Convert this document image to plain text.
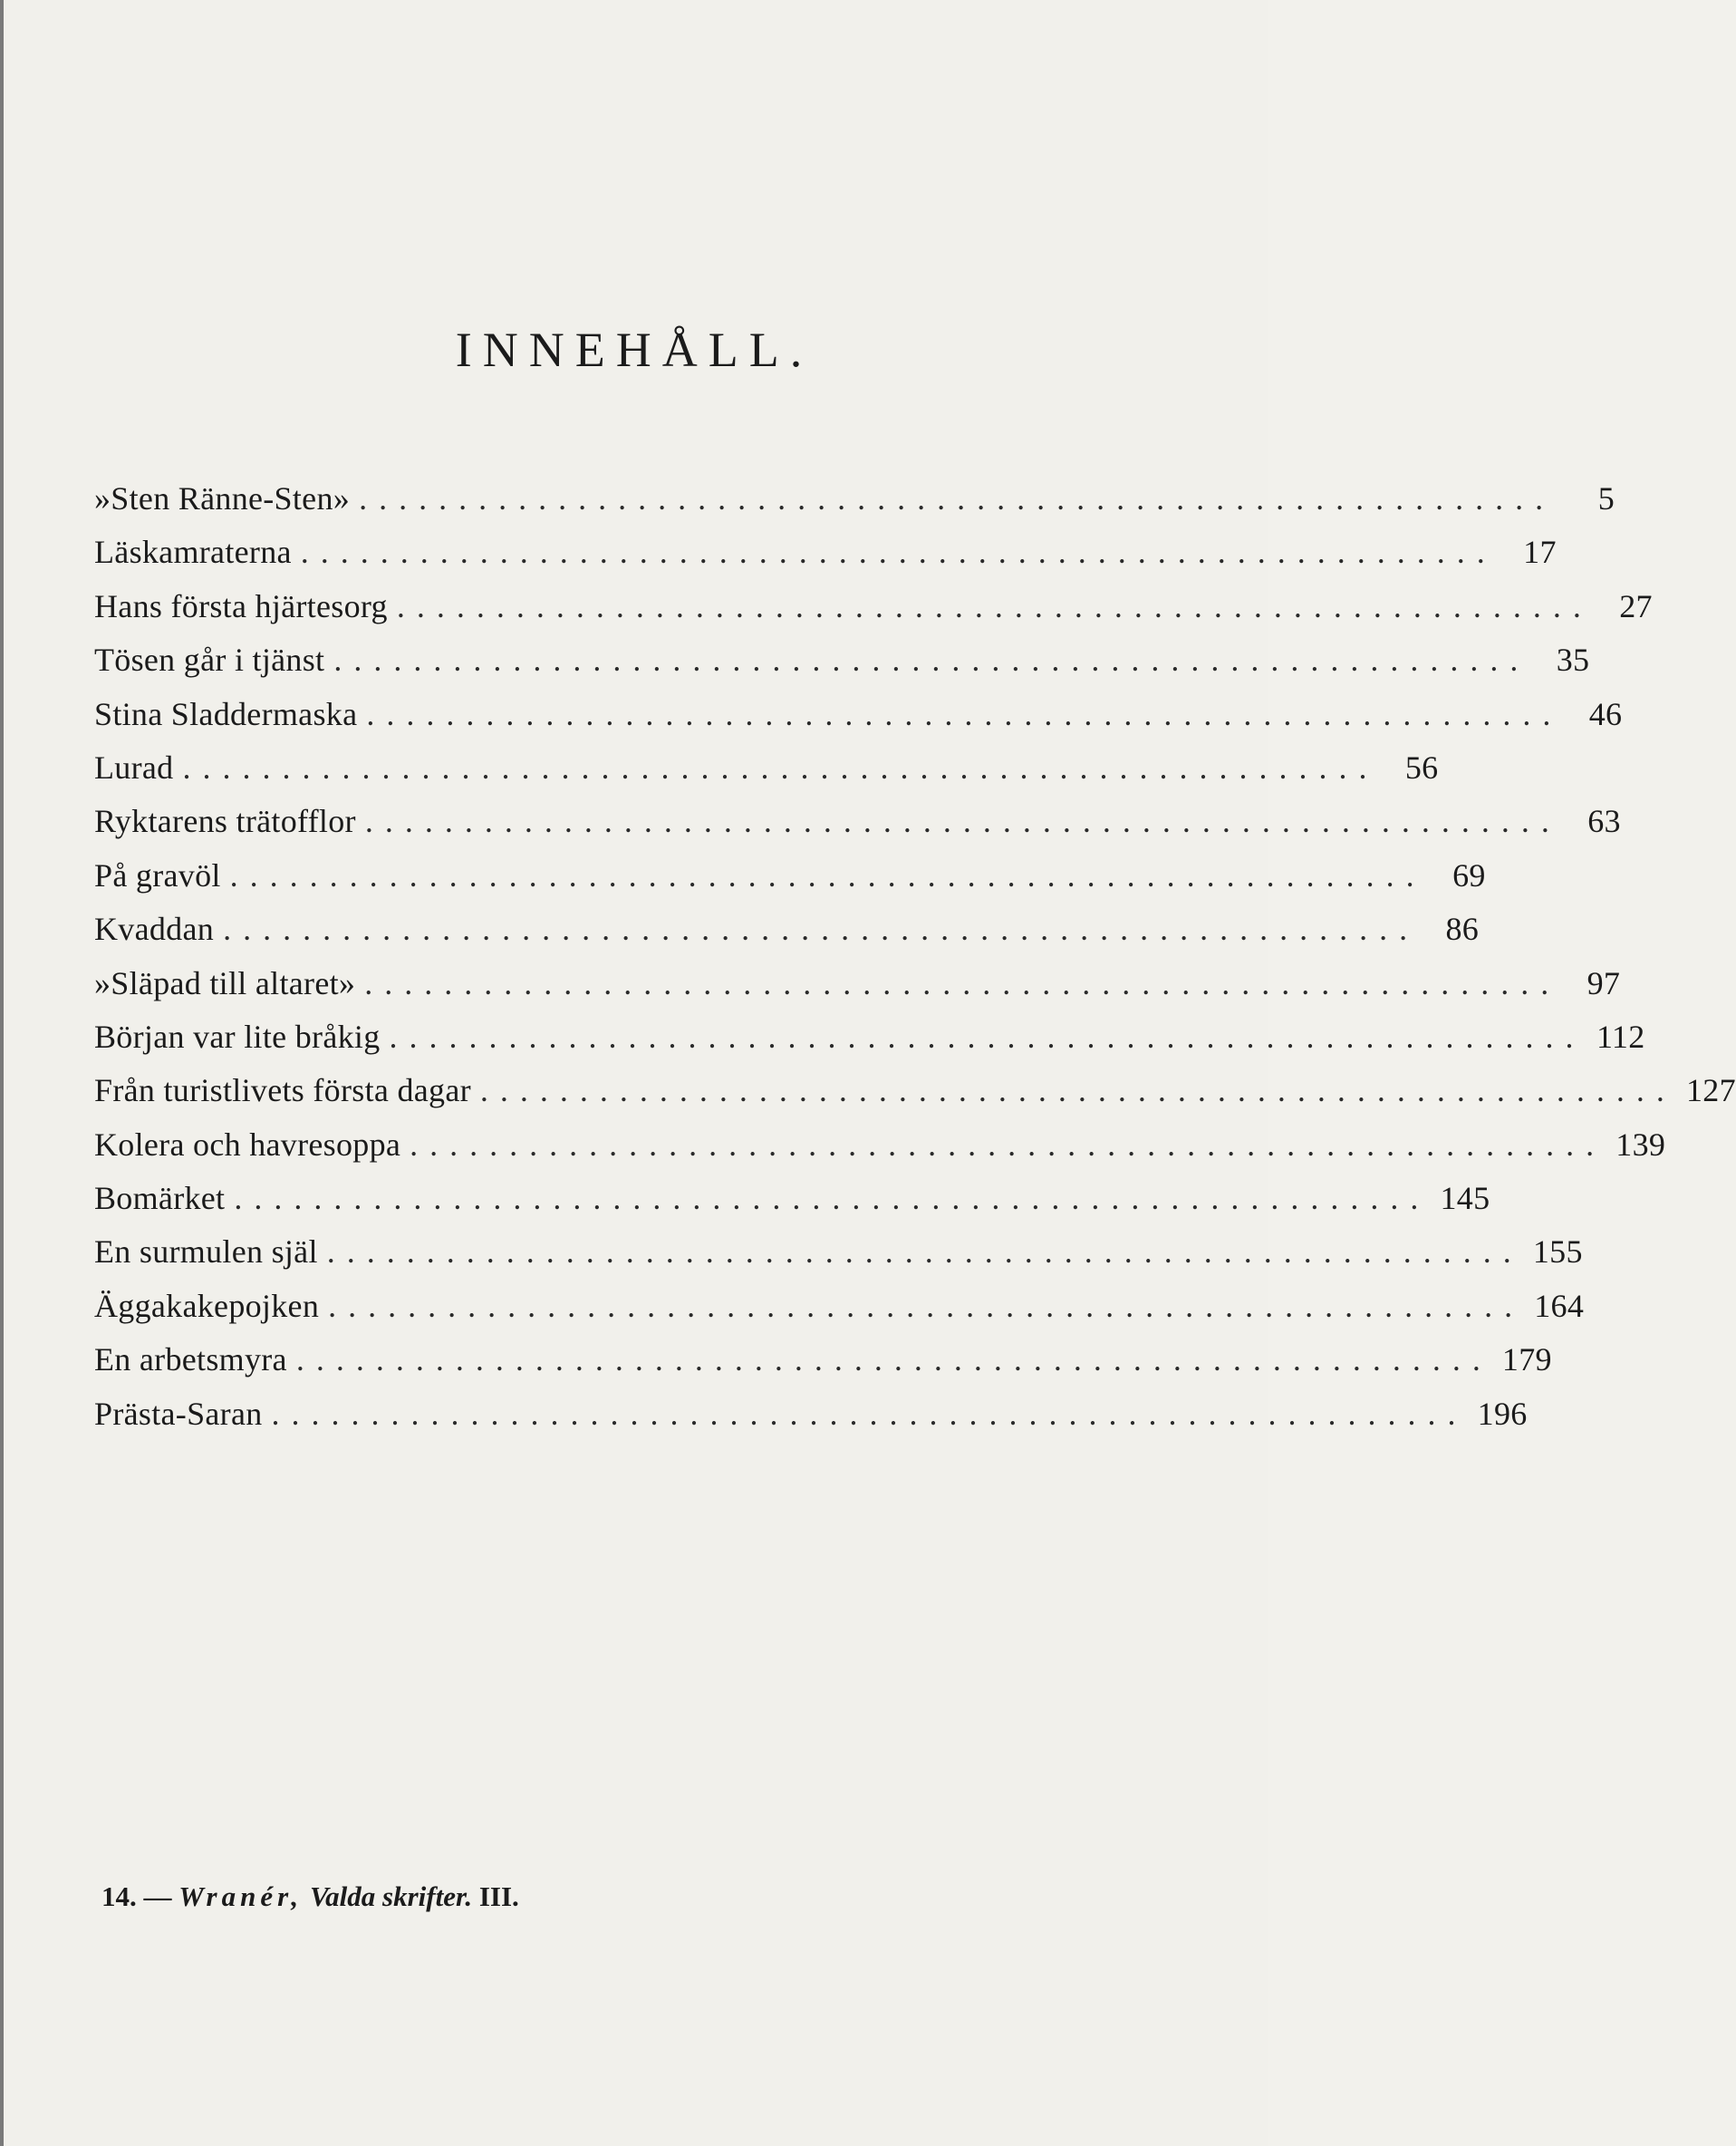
INNEHÅLL.
»Sten Ränne-Sten» ............................................................	5
Läskamraterna ............................................................ 17
Hans första hjärtesorg ............................................................ 27
Tösen går i tjänst ............................................................ 35
Stina Sladdermaska ............................................................ 46
Lurad ............................................................ 56
Ryktarens trätofflor ............................................................ 63
På gravöl ............................................................ 69
Kvaddan ............................................................ 86
»Släpad till altaret» ............................................................ 97
Början var lite bråkig ............................................................ 112
Från turistlivets första dagar ............................................................ 127
Kolera och havresoppa ............................................................ 139
Bomärket ............................................................ 145
En surmulen själ ............................................................ 155
Äggakakepojken ............................................................ 164
En arbetsmyra ............................................................ 179
Prästa-Saran ............................................................ 196
14. — Wranér, Valda skrifter. III.
